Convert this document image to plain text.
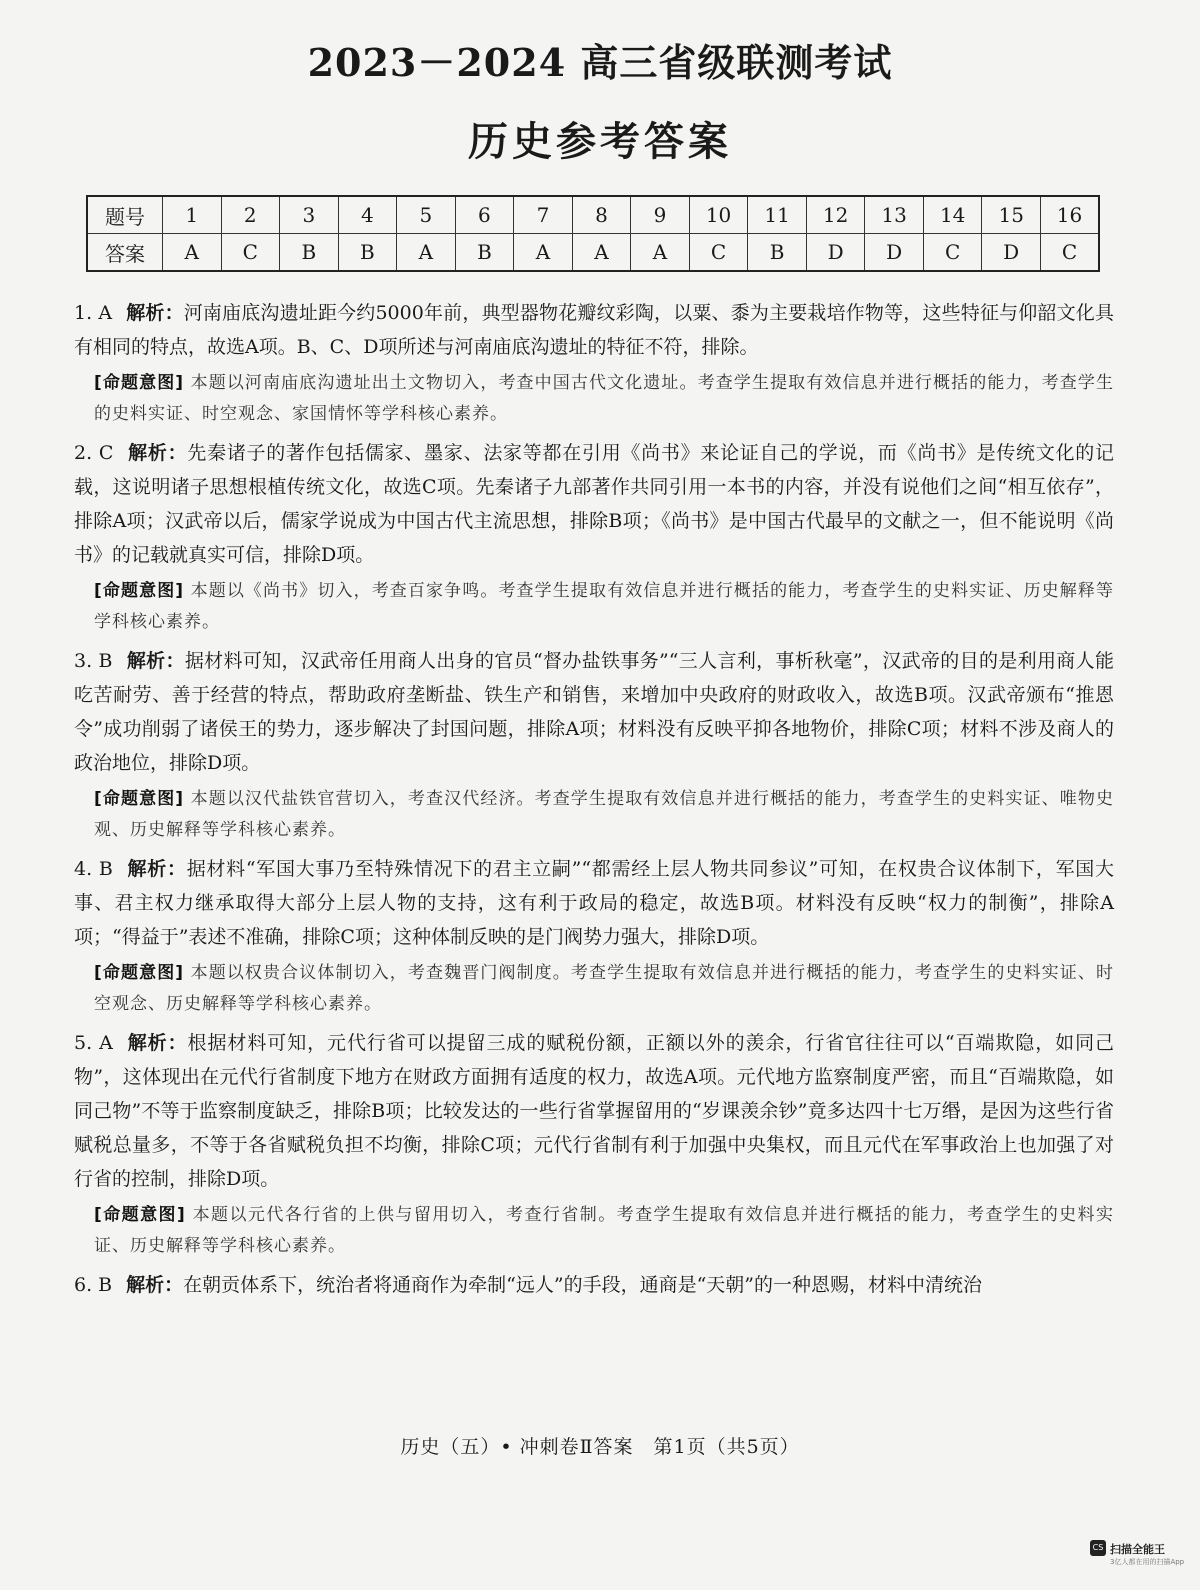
2023－2024 高三省级联测考试
历史参考答案
题号	1	2	3	4	5	6	7	8	9	10	11	12	13	14	15	16
答案	A	C	B	B	A	B	A	A	A	C	B	D	D	C	D	C
1. A 解析：河南庙底沟遗址距今约5000年前，典型器物花瓣纹彩陶，以粟、黍为主要栽培作物等，这些特征与仰韶文化具有相同的特点，故选A项。B、C、D项所述与河南庙底沟遗址的特征不符，排除。
[命题意图] 本题以河南庙底沟遗址出土文物切入，考查中国古代文化遗址。考查学生提取有效信息并进行概括的能力，考查学生的史料实证、时空观念、家国情怀等学科核心素养。
2. C 解析：先秦诸子的著作包括儒家、墨家、法家等都在引用《尚书》来论证自己的学说，而《尚书》是传统文化的记载，这说明诸子思想根植传统文化，故选C项。先秦诸子九部著作共同引用一本书的内容，并没有说他们之间“相互依存”，排除A项；汉武帝以后，儒家学说成为中国古代主流思想，排除B项；《尚书》是中国古代最早的文献之一，但不能说明《尚书》的记载就真实可信，排除D项。
[命题意图] 本题以《尚书》切入，考查百家争鸣。考查学生提取有效信息并进行概括的能力，考查学生的史料实证、历史解释等学科核心素养。
3. B 解析：据材料可知，汉武帝任用商人出身的官员“督办盐铁事务”“三人言利，事析秋毫”，汉武帝的目的是利用商人能吃苦耐劳、善于经营的特点，帮助政府垄断盐、铁生产和销售，来增加中央政府的财政收入，故选B项。汉武帝颁布“推恩令”成功削弱了诸侯王的势力，逐步解决了封国问题，排除A项；材料没有反映平抑各地物价，排除C项；材料不涉及商人的政治地位，排除D项。
[命题意图] 本题以汉代盐铁官营切入，考查汉代经济。考查学生提取有效信息并进行概括的能力，考查学生的史料实证、唯物史观、历史解释等学科核心素养。
4. B 解析：据材料“军国大事乃至特殊情况下的君主立嗣”“都需经上层人物共同参议”可知，在权贵合议体制下，军国大事、君主权力继承取得大部分上层人物的支持，这有利于政局的稳定，故选B项。材料没有反映“权力的制衡”，排除A项；“得益于”表述不准确，排除C项；这种体制反映的是门阀势力强大，排除D项。
[命题意图] 本题以权贵合议体制切入，考查魏晋门阀制度。考查学生提取有效信息并进行概括的能力，考查学生的史料实证、时空观念、历史解释等学科核心素养。
5. A 解析：根据材料可知，元代行省可以提留三成的赋税份额，正额以外的羡余，行省官往往可以“百端欺隐，如同己物”，这体现出在元代行省制度下地方在财政方面拥有适度的权力，故选A项。元代地方监察制度严密，而且“百端欺隐，如同己物”不等于监察制度缺乏，排除B项；比较发达的一些行省掌握留用的“岁课羡余钞”竟多达四十七万缗，是因为这些行省赋税总量多，不等于各省赋税负担不均衡，排除C项；元代行省制有利于加强中央集权，而且元代在军事政治上也加强了对行省的控制，排除D项。
[命题意图] 本题以元代各行省的上供与留用切入，考查行省制。考查学生提取有效信息并进行概括的能力，考查学生的史料实证、历史解释等学科核心素养。
6. B 解析：在朝贡体系下，统治者将通商作为牵制“远人”的手段，通商是“天朝”的一种恩赐，材料中清统治
历史（五）• 冲刺卷Ⅱ答案　第1页（共5页）
CS 扫描全能王
3亿人都在用的扫描App
